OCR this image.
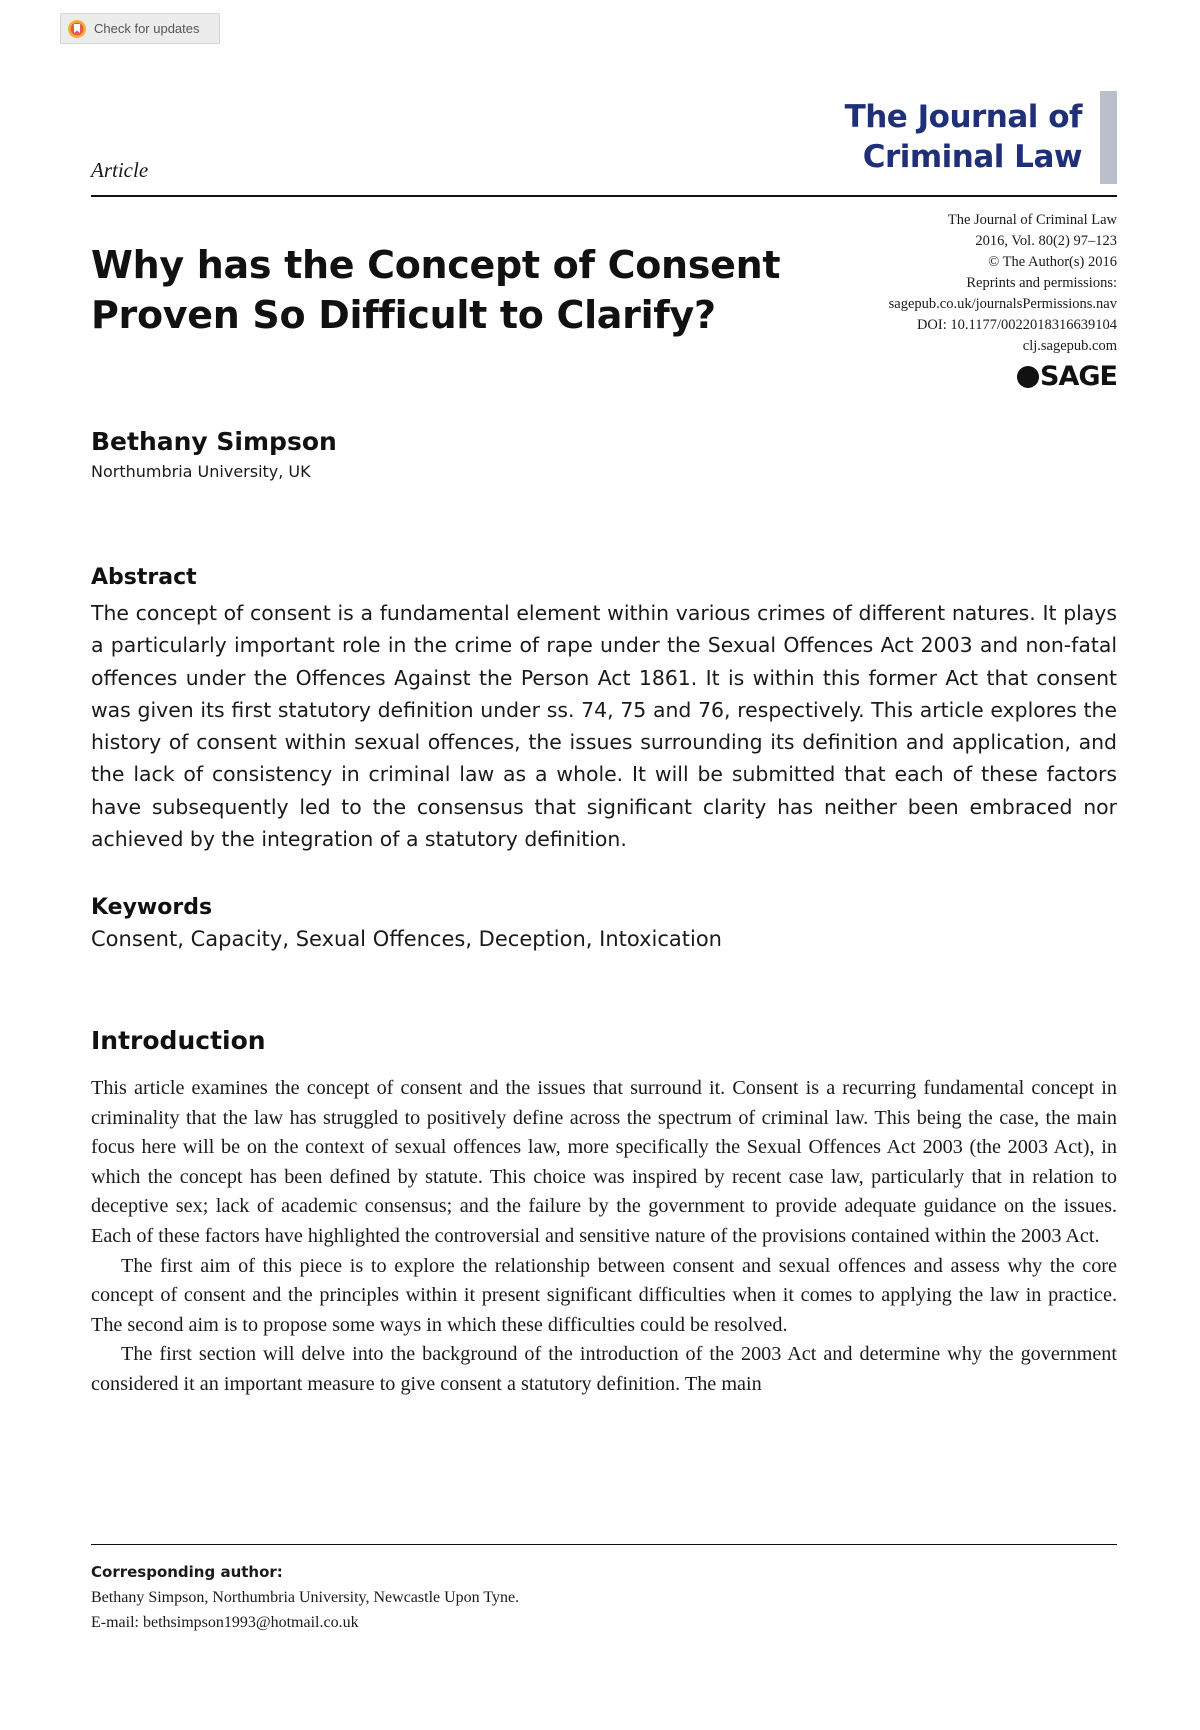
Check for updates
The Journal of
Criminal Law
Article
Why has the Concept of Consent
Proven So Difficult to Clarify?
The Journal of Criminal Law
2016, Vol. 80(2) 97–123
© The Author(s) 2016
Reprints and permissions:
sagepub.co.uk/journalsPermissions.nav
DOI: 10.1177/0022018316639104
clj.sagepub.com
SAGE
Bethany Simpson
Northumbria University, UK
Abstract
The concept of consent is a fundamental element within various crimes of different natures. It plays a particularly important role in the crime of rape under the Sexual Offences Act 2003 and non-fatal offences under the Offences Against the Person Act 1861. It is within this former Act that consent was given its first statutory definition under ss. 74, 75 and 76, respectively. This article explores the history of consent within sexual offences, the issues surrounding its definition and application, and the lack of consistency in criminal law as a whole. It will be submitted that each of these factors have subsequently led to the consensus that significant clarity has neither been embraced nor achieved by the integration of a statutory definition.
Keywords
Consent, Capacity, Sexual Offences, Deception, Intoxication
Introduction

This article examines the concept of consent and the issues that surround it. Consent is a recurring fundamental concept in criminality that the law has struggled to positively define across the spectrum of criminal law. This being the case, the main focus here will be on the context of sexual offences law, more specifically the Sexual Offences Act 2003 (the 2003 Act), in which the concept has been defined by statute. This choice was inspired by recent case law, particularly that in relation to deceptive sex; lack of academic consensus; and the failure by the government to provide adequate guidance on the issues. Each of these factors have highlighted the controversial and sensitive nature of the provisions contained within the 2003 Act.

The first aim of this piece is to explore the relationship between consent and sexual offences and assess why the core concept of consent and the principles within it present significant difficulties when it comes to applying the law in practice. The second aim is to propose some ways in which these difficulties could be resolved.

The first section will delve into the background of the introduction of the 2003 Act and determine why the government considered it an important measure to give consent a statutory definition. The main

Corresponding author:
Bethany Simpson, Northumbria University, Newcastle Upon Tyne.
E-mail: bethsimpson1993@hotmail.co.uk
